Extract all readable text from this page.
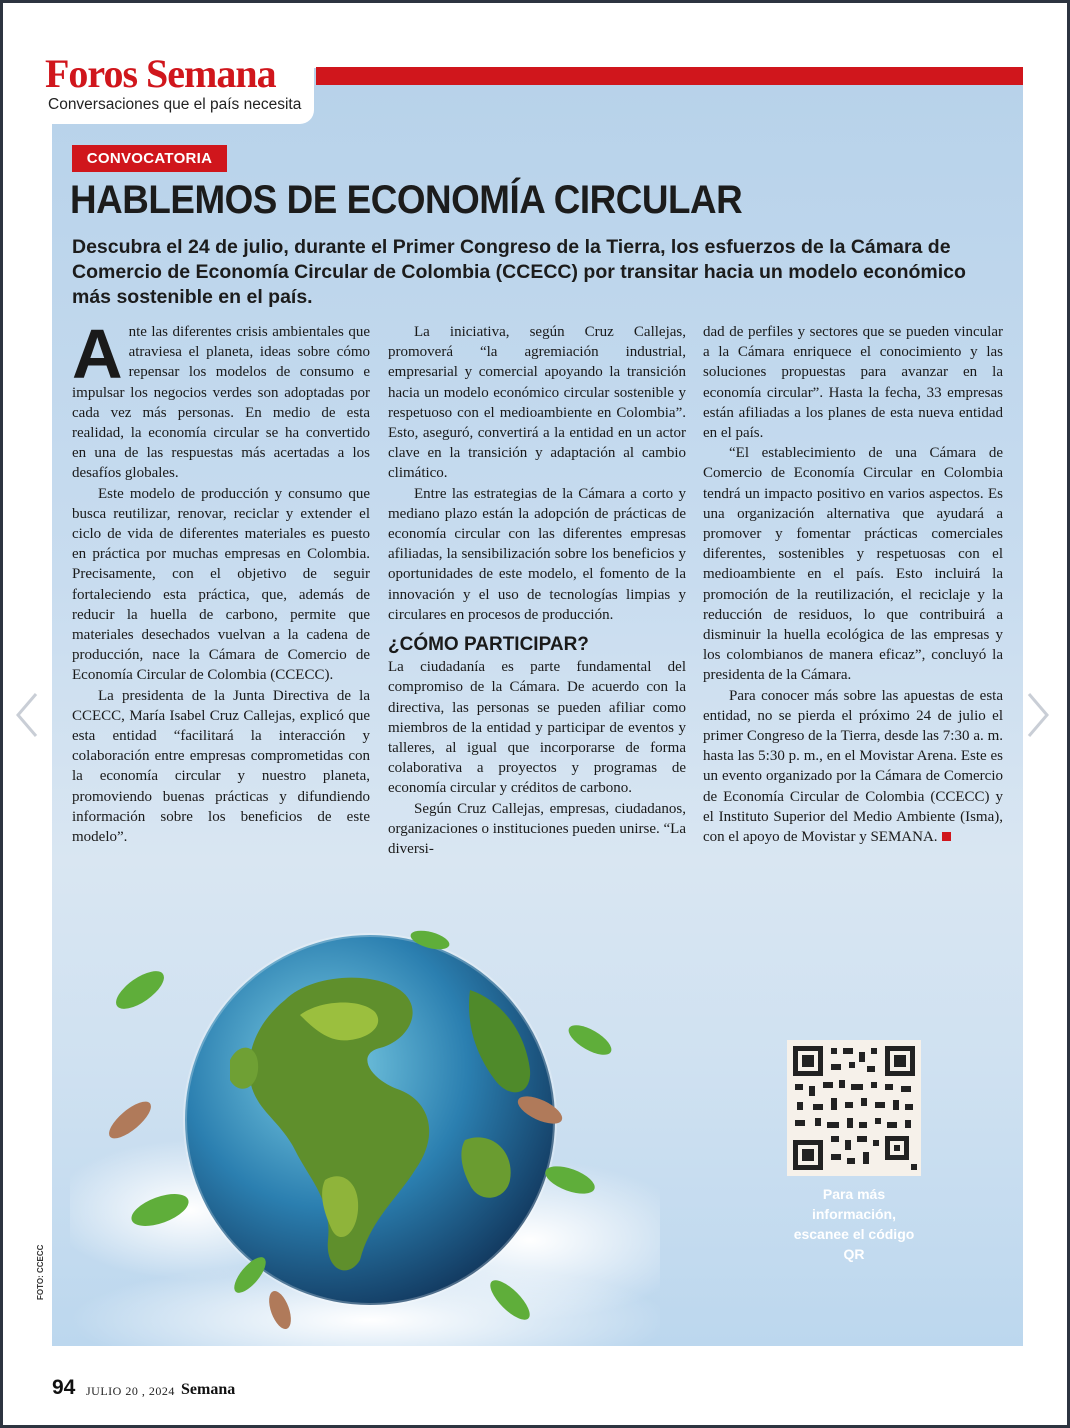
Foros Semana
Conversaciones que el país necesita
CONVOCATORIA
HABLEMOS DE ECONOMÍA CIRCULAR
Descubra el 24 de julio, durante el Primer Congreso de la Tierra, los esfuerzos de la Cámara de Comercio de Economía Circular de Colombia (CCECC) por transitar hacia un modelo económico más sostenible en el país.

Ante las diferentes crisis ambientales que atraviesa el planeta, ideas sobre cómo repensar los modelos de consumo e impulsar los negocios verdes son adoptadas por cada vez más personas. En medio de esta realidad, la economía circular se ha convertido en una de las respuestas más acertadas a los desafíos globales.

Este modelo de producción y consumo que busca reutilizar, renovar, reciclar y extender el ciclo de vida de diferentes materiales es puesto en práctica por muchas empresas en Colombia. Precisamente, con el objetivo de seguir fortaleciendo esta práctica, que, además de reducir la huella de carbono, permite que materiales desechados vuelvan a la cadena de producción, nace la Cámara de Comercio de Economía Circular de Colombia (CCECC).

La presidenta de la Junta Directiva de la CCECC, María Isabel Cruz Callejas, explicó que esta entidad “facilitará la interacción y colaboración entre empresas comprometidas con la economía circular y nuestro planeta, promoviendo buenas prácticas y difundiendo información sobre los beneficios de este modelo”.

La iniciativa, según Cruz Callejas, promoverá “la agremiación industrial, empresarial y comercial apoyando la transición hacia un modelo económico circular sostenible y respetuoso con el medioambiente en Colombia”. Esto, aseguró, convertirá a la entidad en un actor clave en la transición y adaptación al cambio climático.

Entre las estrategias de la Cámara a corto y mediano plazo están la adopción de prácticas de economía circular con las diferentes empresas afiliadas, la sensibilización sobre los beneficios y oportunidades de este modelo, el fomento de la innovación y el uso de tecnologías limpias y circulares en procesos de producción.

¿CÓMO PARTICIPAR?

La ciudadanía es parte fundamental del compromiso de la Cámara. De acuerdo con la directiva, las personas se pueden afiliar como miembros de la entidad y participar de eventos y talleres, al igual que incorporarse de forma colaborativa a proyectos y programas de economía circular y créditos de carbono.

Según Cruz Callejas, empresas, ciudadanos, organizaciones o instituciones pueden unirse. “La diversi-

dad de perfiles y sectores que se pueden vincular a la Cámara enriquece el conocimiento y las soluciones propuestas para avanzar en la economía circular”. Hasta la fecha, 33 empresas están afiliadas a los planes de esta nueva entidad en el país.

“El establecimiento de una Cámara de Comercio de Economía Circular en Colombia tendrá un impacto positivo en varios aspectos. Es una organización alternativa que ayudará a promover y fomentar prácticas comerciales diferentes, sostenibles y respetuosas con el medioambiente en el país. Esto incluirá la promoción de la reutilización, el reciclaje y la reducción de residuos, lo que contribuirá a disminuir la huella ecológica de las empresas y los colombianos de manera eficaz”, concluyó la presidenta de la Cámara.

Para conocer más sobre las apuestas de esta entidad, no se pierda el próximo 24 de julio el primer Congreso de la Tierra, desde las 7:30 a. m. hasta las 5:30 p. m., en el Movistar Arena. Este es un evento organizado por la Cámara de Comercio de Economía Circular de Colombia (CCECC) y el Instituto Superior del Medio Ambiente (Isma), con el apoyo de Movistar y SEMANA.

Para más información, escanee el código QR
FOTO: CCECC
94 JULIO 20 , 2024 Semana
